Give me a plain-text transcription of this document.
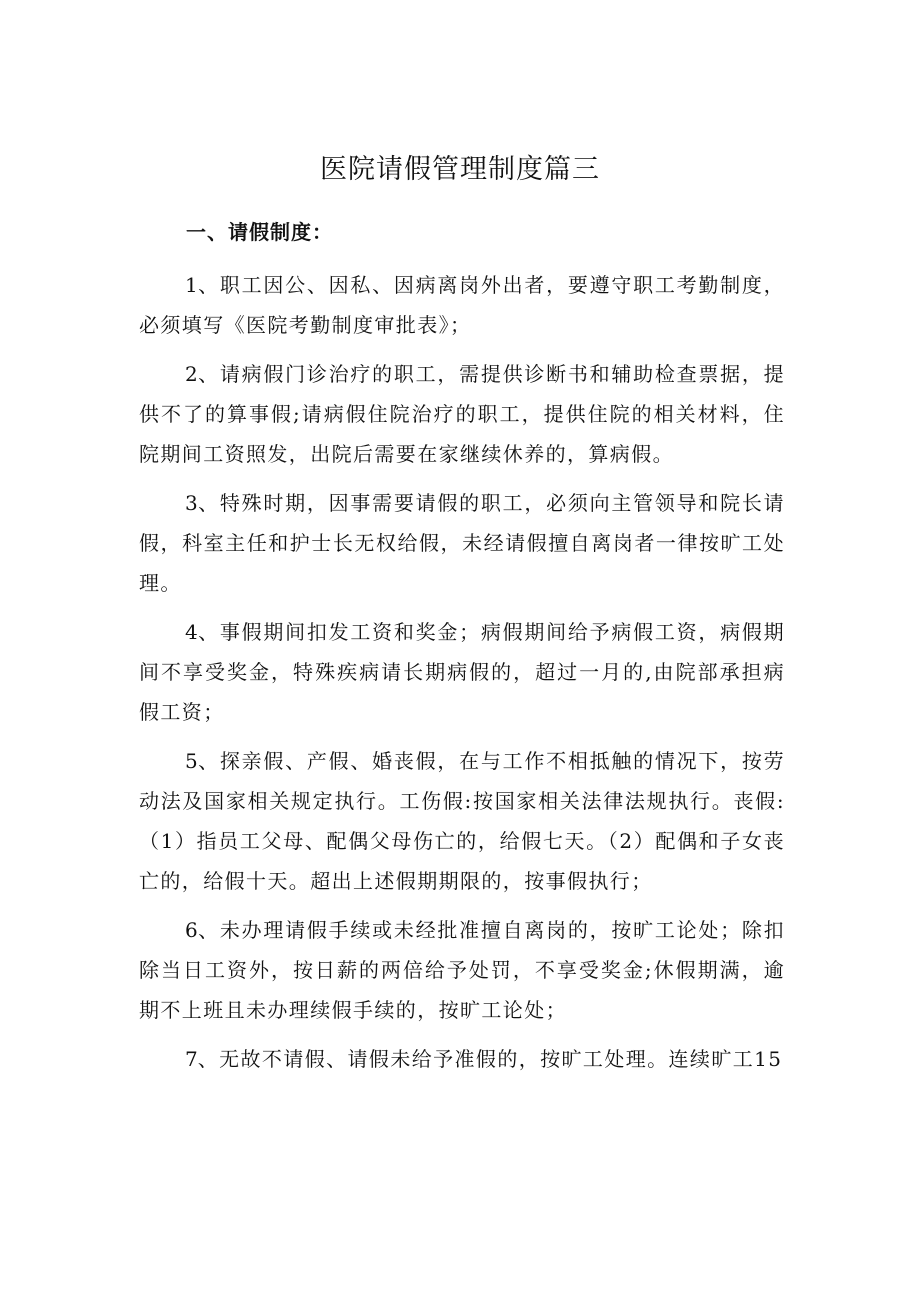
医院请假管理制度篇三
一、请假制度：

1、职工因公、因私、因病离岗外出者，要遵守职工考勤制度，必须填写《医院考勤制度审批表》；

2、请病假门诊治疗的职工，需提供诊断书和辅助检查票据，提供不了的算事假;请病假住院治疗的职工，提供住院的相关材料，住院期间工资照发，出院后需要在家继续休养的，算病假。

3、特殊时期，因事需要请假的职工，必须向主管领导和院长请假，科室主任和护士长无权给假，未经请假擅自离岗者一律按旷工处理。

4、事假期间扣发工资和奖金；病假期间给予病假工资，病假期间不享受奖金，特殊疾病请长期病假的，超过一月的,由院部承担病假工资；

5、探亲假、产假、婚丧假，在与工作不相抵触的情况下，按劳动法及国家相关规定执行。工伤假:按国家相关法律法规执行。丧假:（1）指员工父母、配偶父母伤亡的，给假七天。（2）配偶和子女丧亡的，给假十天。超出上述假期期限的，按事假执行；

6、未办理请假手续或未经批准擅自离岗的，按旷工论处；除扣除当日工资外，按日薪的两倍给予处罚，不享受奖金;休假期满，逾期不上班且未办理续假手续的，按旷工论处；

7、无故不请假、请假未给予准假的，按旷工处理。连续旷工15
